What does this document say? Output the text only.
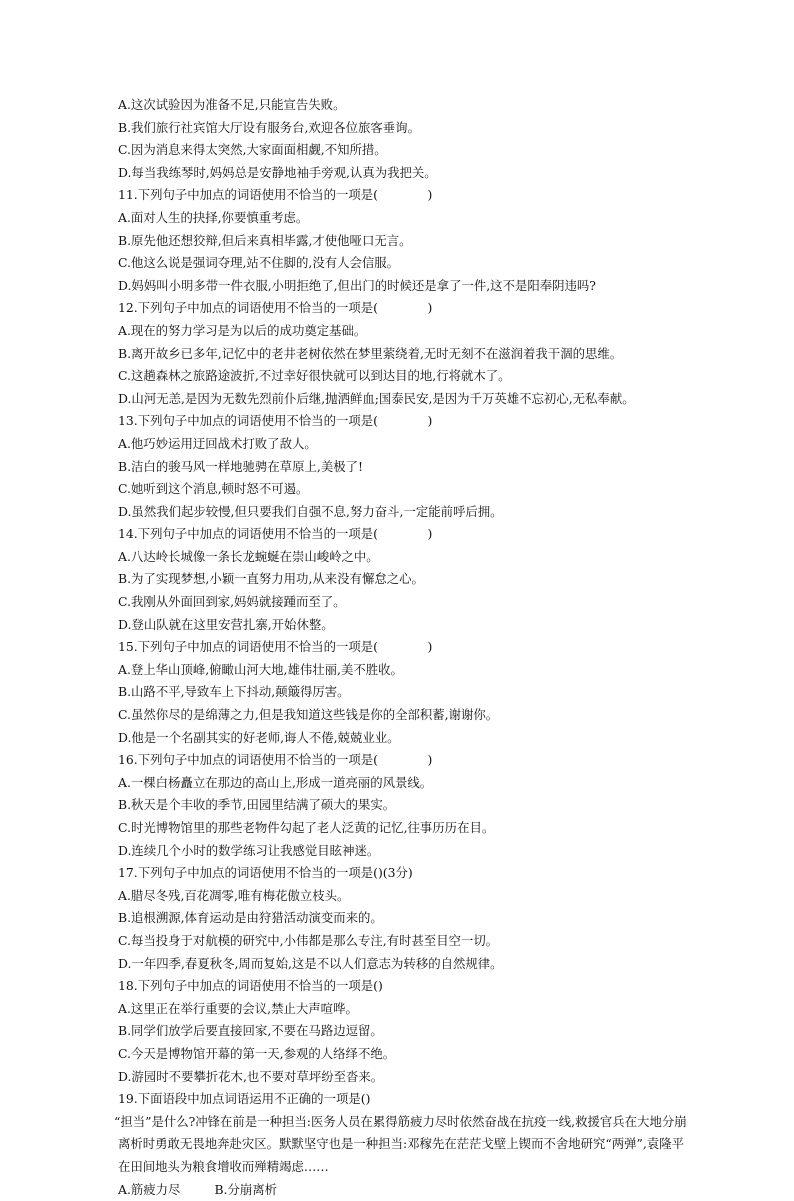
A.这次试验因为准备不足,只能宣告失败。
B.我们旅行社宾馆大厅设有服务台,欢迎各位旅客垂询。
C.因为消息来得太突然,大家面面相觑,不知所措。
D.每当我练琴时,妈妈总是安静地袖手旁观,认真为我把关。
11.下列句子中加点的词语使用不恰当的一项是(　　　　)
A.面对人生的抉择,你要慎重考虑。
B.原先他还想狡辩,但后来真相毕露,才使他哑口无言。
C.他这么说是强词夺理,站不住脚的,没有人会信服。
D.妈妈叫小明多带一件衣服,小明拒绝了,但出门的时候还是拿了一件,这不是阳奉阴违吗?
12.下列句子中加点的词语使用不恰当的一项是(　　　　)
A.现在的努力学习是为以后的成功奠定基础。
B.离开故乡已多年,记忆中的老井老树依然在梦里萦绕着,无时无刻不在滋润着我干涸的思维。
C.这趟森林之旅路途波折,不过幸好很快就可以到达目的地,行将就木了。
D.山河无恙,是因为无数先烈前仆后继,抛洒鲜血;国泰民安,是因为千万英雄不忘初心,无私奉献。
13.下列句子中加点的词语使用不恰当的一项是(　　　　)
A.他巧妙运用迂回战术打败了敌人。
B.洁白的骏马风一样地驰骋在草原上,美极了!
C.她听到这个消息,顿时怒不可遏。
D.虽然我们起步较慢,但只要我们自强不息,努力奋斗,一定能前呼后拥。
14.下列句子中加点的词语使用不恰当的一项是(　　　　)
A.八达岭长城像一条长龙蜿蜒在崇山峻岭之中。
B.为了实现梦想,小颖一直努力用功,从来没有懈怠之心。
C.我刚从外面回到家,妈妈就接踵而至了。
D.登山队就在这里安营扎寨,开始休整。
15.下列句子中加点的词语使用不恰当的一项是(　　　　)
A.登上华山顶峰,俯瞰山河大地,雄伟壮丽,美不胜收。
B.山路不平,导致车上下抖动,颠簸得厉害。
C.虽然你尽的是绵薄之力,但是我知道这些钱是你的全部积蓄,谢谢你。
D.他是一个名副其实的好老师,诲人不倦,兢兢业业。
16.下列句子中加点的词语使用不恰当的一项是(　　　　)
A.一棵白杨矗立在那边的高山上,形成一道亮丽的风景线。
B.秋天是个丰收的季节,田园里结满了硕大的果实。
C.时光博物馆里的那些老物件勾起了老人泛黄的记忆,往事历历在目。
D.连续几个小时的数学练习让我感觉目眩神迷。
17.下列句子中加点的词语使用不恰当的一项是()(3分)
A.腊尽冬残,百花凋零,唯有梅花傲立枝头。
B.追根溯源,体育运动是由狩猎活动演变而来的。
C.每当投身于对航模的研究中,小伟都是那么专注,有时甚至目空一切。
D.一年四季,春夏秋冬,周而复始,这是不以人们意志为转移的自然规律。
18.下列句子中加点的词语使用不恰当的一项是()
A.这里正在举行重要的会议,禁止大声喧哗。
B.同学们放学后要直接回家,不要在马路边逗留。
C.今天是博物馆开幕的第一天,参观的人络绎不绝。
D.游园时不要攀折花木,也不要对草坪纷至沓来。
19.下面语段中加点词语运用不正确的一项是()
“担当”是什么?冲锋在前是一种担当:医务人员在累得筋疲力尽时依然奋战在抗疫一线,救援官兵在大地分崩离析时勇敢无畏地奔赴灾区。默默坚守也是一种担当:邓稼先在茫茫戈壁上锲而不舍地研究“两弹”,袁隆平在田间地头为粮食增收而殚精竭虑……
A.筋疲力尽	B.分崩离析
